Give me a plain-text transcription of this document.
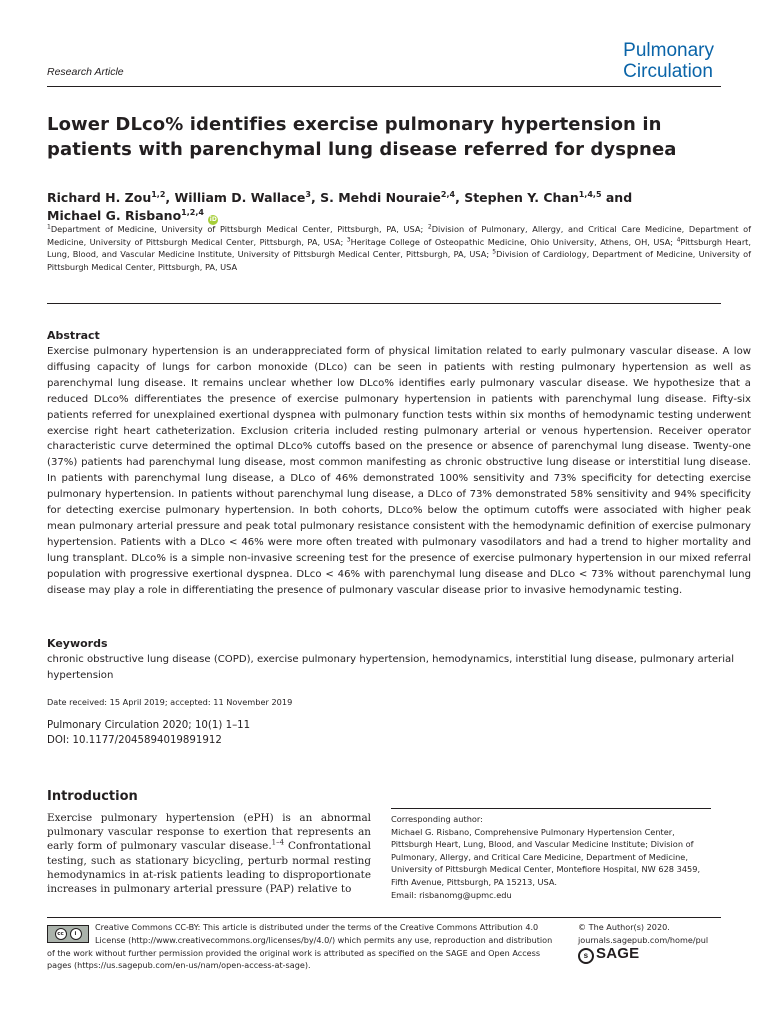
Pulmonary
Circulation
Research Article
Lower DLco% identifies exercise pulmonary hypertension in patients with parenchymal lung disease referred for dyspnea
Richard H. Zou$^{1,2}$, William D. Wallace$^3$, S. Mehdi Nouraie$^{2,4}$, Stephen Y. Chan$^{1,4,5}$ and
Michael G. Risbano$^{1,2,4}$ iD
$^1$Department of Medicine, University of Pittsburgh Medical Center, Pittsburgh, PA, USA; $^2$Division of Pulmonary, Allergy, and Critical Care Medicine, Department of Medicine, University of Pittsburgh Medical Center, Pittsburgh, PA, USA; $^3$Heritage College of Osteopathic Medicine, Ohio University, Athens, OH, USA; $^4$Pittsburgh Heart, Lung, Blood, and Vascular Medicine Institute, University of Pittsburgh Medical Center, Pittsburgh, PA, USA; $^5$Division of Cardiology, Department of Medicine, University of Pittsburgh Medical Center, Pittsburgh, PA, USA
Abstract
Exercise pulmonary hypertension is an underappreciated form of physical limitation related to early pulmonary vascular disease. A low diffusing capacity of lungs for carbon monoxide (DLco) can be seen in patients with resting pulmonary hypertension as well as parenchymal lung disease. It remains unclear whether low DLco% identifies early pulmonary vascular disease. We hypothesize that a reduced DLco% differentiates the presence of exercise pulmonary hypertension in patients with parenchymal lung disease. Fifty-six patients referred for unexplained exertional dyspnea with pulmonary function tests within six months of hemodynamic testing underwent exercise right heart catheterization. Exclusion criteria included resting pulmonary arterial or venous hypertension. Receiver operator characteristic curve determined the optimal DLco% cutoffs based on the presence or absence of parenchymal lung disease. Twenty-one (37%) patients had parenchymal lung disease, most common manifesting as chronic obstructive lung disease or interstitial lung disease. In patients with parenchymal lung disease, a DLco of 46% demonstrated 100% sensitivity and 73% specificity for detecting exercise pulmonary hypertension. In patients without parenchymal lung disease, a DLco of 73% demonstrated 58% sensitivity and 94% specificity for detecting exercise pulmonary hypertension. In both cohorts, DLco% below the optimum cutoffs were associated with higher peak mean pulmonary arterial pressure and peak total pulmonary resistance consistent with the hemodynamic definition of exercise pulmonary hypertension. Patients with a DLco < 46% were more often treated with pulmonary vasodilators and had a trend to higher mortality and lung transplant. DLco% is a simple non-invasive screening test for the presence of exercise pulmonary hypertension in our mixed referral population with progressive exertional dyspnea. DLco < 46% with parenchymal lung disease and DLco < 73% without parenchymal lung disease may play a role in differentiating the presence of pulmonary vascular disease prior to invasive hemodynamic testing.
Keywords
chronic obstructive lung disease (COPD), exercise pulmonary hypertension, hemodynamics, interstitial lung disease, pulmonary arterial hypertension
Date received: 15 April 2019; accepted: 11 November 2019
Pulmonary Circulation 2020; 10(1) 1–11
DOI: 10.1177/2045894019891912
Introduction
Exercise pulmonary hypertension (ePH) is an abnormal pulmonary vascular response to exertion that represents an early form of pulmonary vascular disease.$^{1-4}$ Confrontational testing, such as stationary bicycling, perturb normal resting hemodynamics in at-risk patients leading to disproportionate increases in pulmonary arterial pressure (PAP) relative to
Corresponding author:
Michael G. Risbano, Comprehensive Pulmonary Hypertension Center,
Pittsburgh Heart, Lung, Blood, and Vascular Medicine Institute; Division of
Pulmonary, Allergy, and Critical Care Medicine, Department of Medicine,
University of Pittsburgh Medical Center, Montefiore Hospital, NW 628 3459,
Fifth Avenue, Pittsburgh, PA 15213, USA.
Email: risbanomg@upmc.edu
cc	i
Creative Commons CC-BY: This article is distributed under the terms of the Creative Commons Attribution 4.0
License (http://www.creativecommons.org/licenses/by/4.0/) which permits any use, reproduction and distribution
of the work without further permission provided the original work is attributed as specified on the SAGE and Open Access
pages (https://us.sagepub.com/en-us/nam/open-access-at-sage).
© The Author(s) 2020.
journals.sagepub.com/home/pul
s SAGE
